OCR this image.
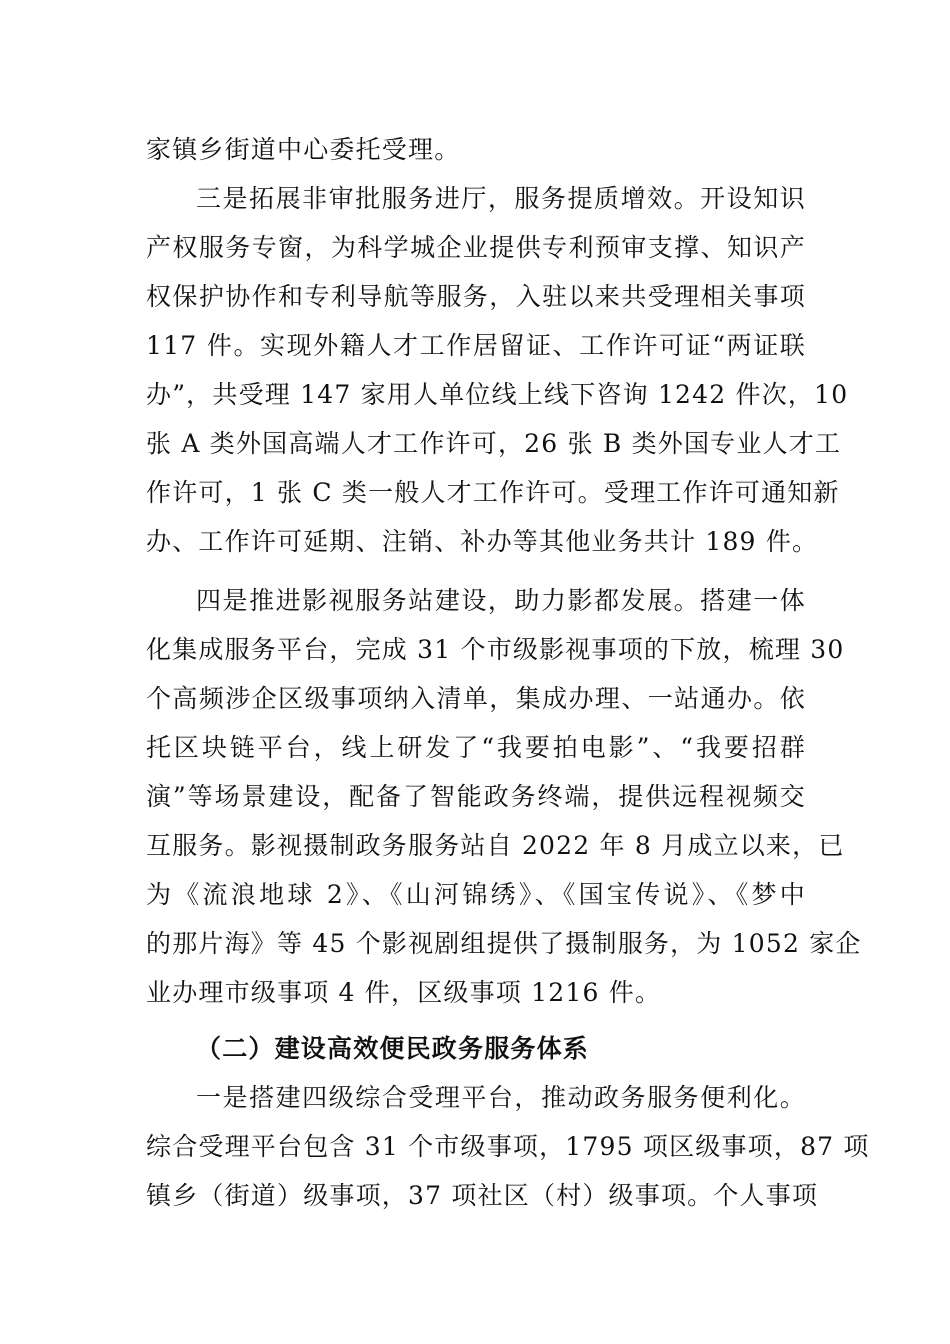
家镇乡街道中心委托受理。
三是拓展非审批服务进厅，服务提质增效。开设知识
产权服务专窗，为科学城企业提供专利预审支撑、知识产
权保护协作和专利导航等服务，入驻以来共受理相关事项
117 件。实现外籍人才工作居留证、工作许可证“两证联
办”，共受理 147 家用人单位线上线下咨询 1242 件次，10
张 A 类外国高端人才工作许可，26 张 B 类外国专业人才工
作许可，1 张 C 类一般人才工作许可。受理工作许可通知新
办、工作许可延期、注销、补办等其他业务共计 189 件。
四是推进影视服务站建设，助力影都发展。搭建一体
化集成服务平台，完成 31 个市级影视事项的下放，梳理 30
个高频涉企区级事项纳入清单，集成办理、一站通办。依
托区块链平台，线上研发了“我要拍电影”、“我要招群
演”等场景建设，配备了智能政务终端，提供远程视频交
互服务。影视摄制政务服务站自 2022 年 8 月成立以来，已
为《流浪地球 2》、《山河锦绣》、《国宝传说》、《梦中
的那片海》等 45 个影视剧组提供了摄制服务，为 1052 家企
业办理市级事项 4 件，区级事项 1216 件。
（二）建设高效便民政务服务体系
一是搭建四级综合受理平台，推动政务服务便利化。
综合受理平台包含 31 个市级事项，1795 项区级事项，87 项
镇乡（街道）级事项，37 项社区（村）级事项。个人事项
